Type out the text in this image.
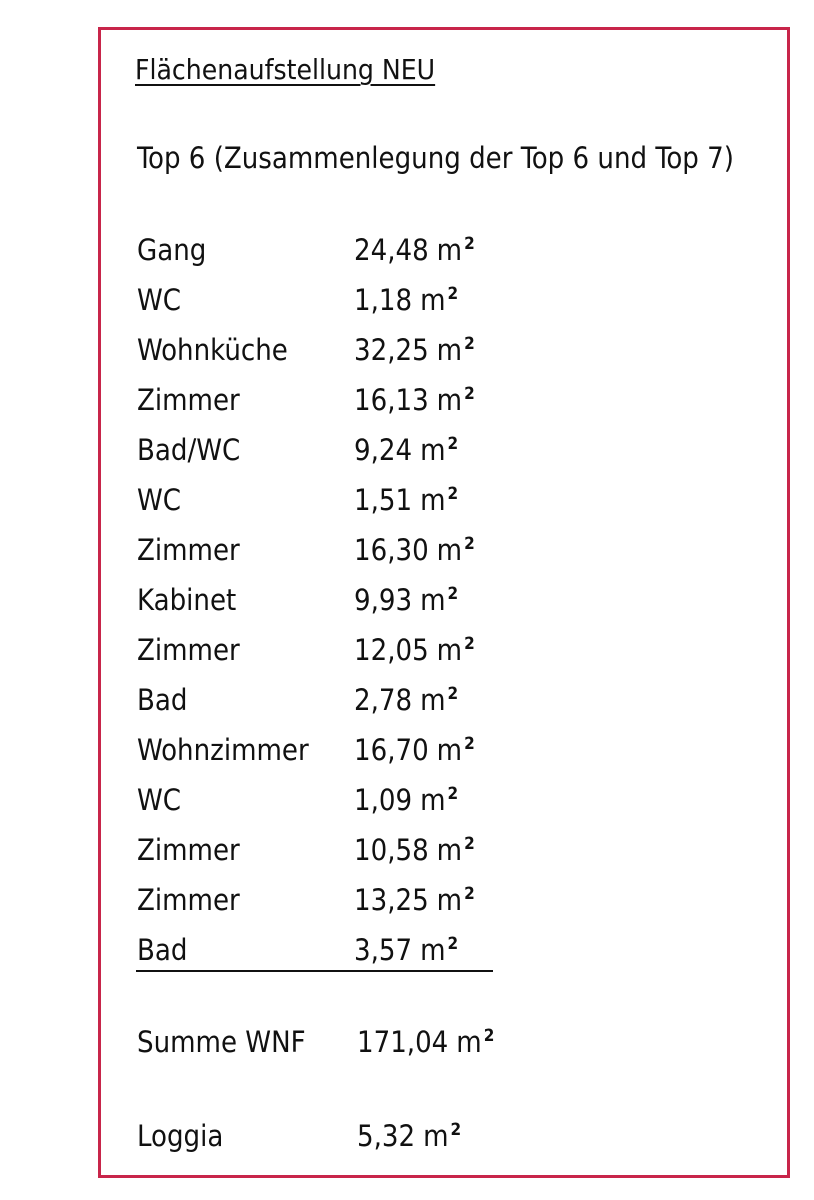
Flächenaufstellung NEU
Top 6 (Zusammenlegung der Top 6 und Top 7)
Gang	24,48 m $^2$
WC	1,18 m $^2$
Wohnküche 32,25 m $^2$
Zimmer	16,13 m $^2$
Bad/WC	9,24 m $^2$
WC	1,51 m $^2$
Zimmer	16,30 m $^2$
Kabinet	9,93 m $^2$
Zimmer	12,05 m $^2$
Bad	2,78 m $^2$
Wohnzimmer 16,70 m $^2$
WC	1,09 m $^2$
Zimmer	10,58 m $^2$
Zimmer	13,25 m $^2$
Bad	3,57 m $^2$
Summe WNF 171,04 m $^2$
Loggia	5,32 m $^2$
